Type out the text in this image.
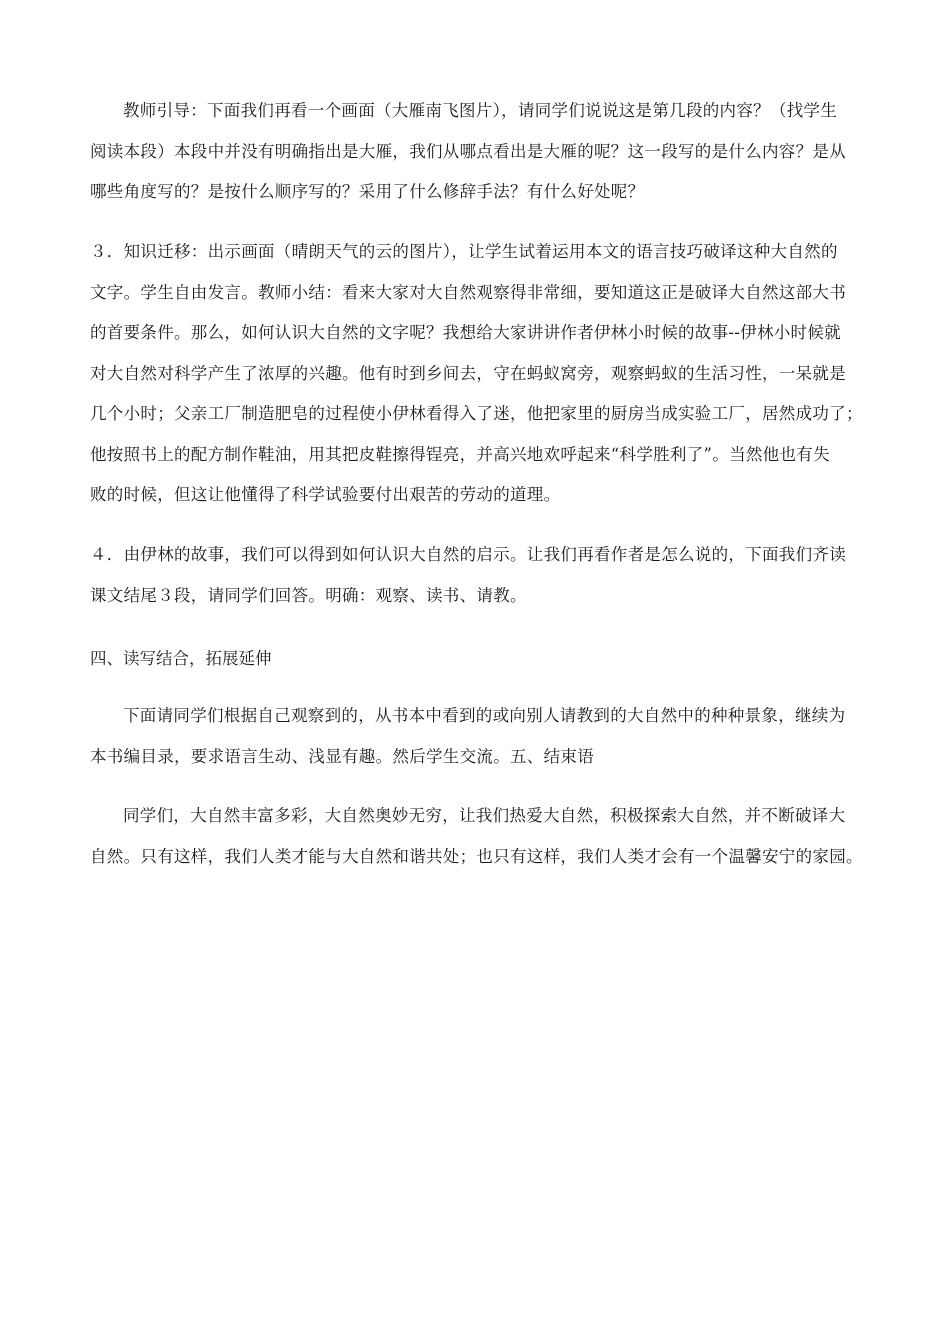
教师引导：下面我们再看一个画面（大雁南飞图片），请同学们说说这是第几段的内容？（找学生
阅读本段）本段中并没有明确指出是大雁，我们从哪点看出是大雁的呢？这一段写的是什么内容？是从
哪些角度写的？是按什么顺序写的？采用了什么修辞手法？有什么好处呢？

３．知识迁移：出示画面（晴朗天气的云的图片），让学生试着运用本文的语言技巧破译这种大自然的
文字。学生自由发言。教师小结：看来大家对大自然观察得非常细，要知道这正是破译大自然这部大书
的首要条件。那么，如何认识大自然的文字呢？我想给大家讲讲作者伊林小时候的故事--伊林小时候就
对大自然对科学产生了浓厚的兴趣。他有时到乡间去，守在蚂蚁窝旁，观察蚂蚁的生活习性，一呆就是
几个小时；父亲工厂制造肥皂的过程使小伊林看得入了迷，他把家里的厨房当成实验工厂，居然成功了；
他按照书上的配方制作鞋油，用其把皮鞋擦得锃亮，并高兴地欢呼起来“科学胜利了”。当然他也有失
败的时候，但这让他懂得了科学试验要付出艰苦的劳动的道理。

４．由伊林的故事，我们可以得到如何认识大自然的启示。让我们再看作者是怎么说的，下面我们齐读
课文结尾３段，请同学们回答。明确：观察、读书、请教。

四、读写结合，拓展延伸

下面请同学们根据自己观察到的，从书本中看到的或向别人请教到的大自然中的种种景象，继续为
本书编目录，要求语言生动、浅显有趣。然后学生交流。五、结束语

同学们，大自然丰富多彩，大自然奥妙无穷，让我们热爱大自然，积极探索大自然，并不断破译大
自然。只有这样，我们人类才能与大自然和谐共处；也只有这样，我们人类才会有一个温馨安宁的家园。
